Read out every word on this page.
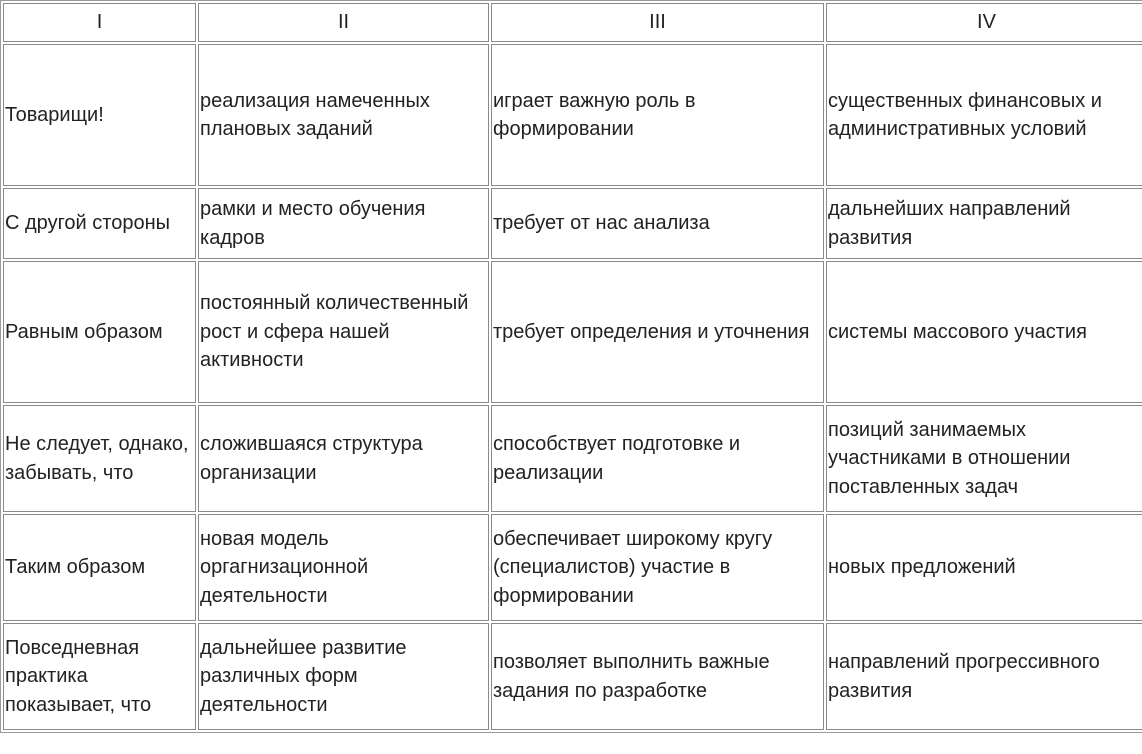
I	II	III	IV
Товарищи!	реализация намеченных плановых заданий	играет важную роль в формировании	существенных финансовых и административных условий
С другой стороны	рамки и место обучения кадров	требует от нас анализа	дальнейших направлений развития
Равным образом	постоянный количественный рост и сфера нашей активности	требует определения и уточнения	системы массового участия
Не следует, однако, забывать, что	сложившаяся структура организации	способствует подготовке и реализации	позиций занимаемых участниками в отношении поставленных задач
Таким образом	новая модель оргагнизационной деятельности	обеспечивает широкому кругу (специалистов) участие в формировании	новых предложений
Повседневная практика показывает, что	дальнейшее развитие различных форм деятельности	позволяет выполнить важные задания по разработке	направлений прогрессивного развития
